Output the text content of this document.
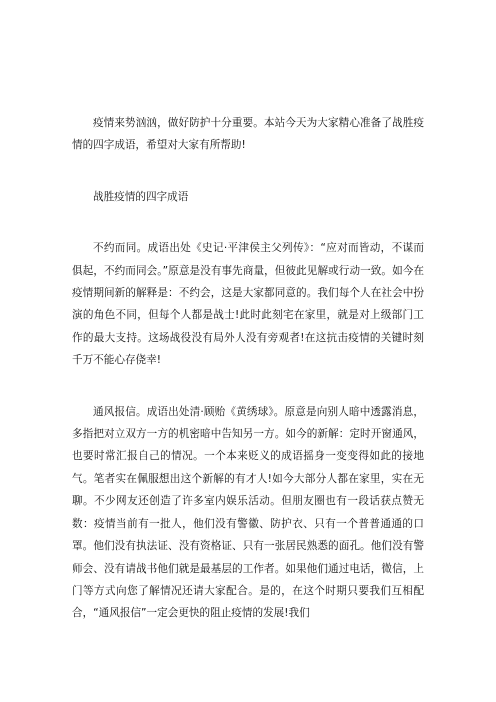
疫情来势汹汹，做好防护十分重要。本站今天为大家精心准备了战胜疫情的四字成语，希望对大家有所帮助!

战胜疫情的四字成语

不约而同。成语出处《史记·平津侯主父列传》：“应对而皆动，不谋而俱起，不约而同会。”原意是没有事先商量，但彼此见解或行动一致。如今在疫情期间新的解释是：不约会，这是大家都同意的。我们每个人在社会中扮演的角色不同，但每个人都是战士!此时此刻宅在家里，就是对上级部门工作的最大支持。这场战役没有局外人没有旁观者!在这抗击疫情的关键时刻千万不能心存侥幸!

通风报信。成语出处清·顾贻《黄绣球》。原意是向别人暗中透露消息，多指把对立双方一方的机密暗中告知另一方。如今的新解：定时开窗通风，也要时常汇报自己的情况。一个本来贬义的成语摇身一变变得如此的接地气。笔者实在佩服想出这个新解的有才人!如今大部分人都在家里，实在无聊。不少网友还创造了许多室内娱乐活动。但朋友圈也有一段话获点赞无数：疫情当前有一批人，他们没有警徽、防护衣、只有一个普普通通的口罩。他们没有执法证、没有资格证、只有一张居民熟悉的面孔。他们没有警师会、没有请战书他们就是最基层的工作者。如果他们通过电话，微信，上门等方式向您了解情况还请大家配合。是的，在这个时期只要我们互相配合，“通风报信”一定会更快的阻止疫情的发展!我们
